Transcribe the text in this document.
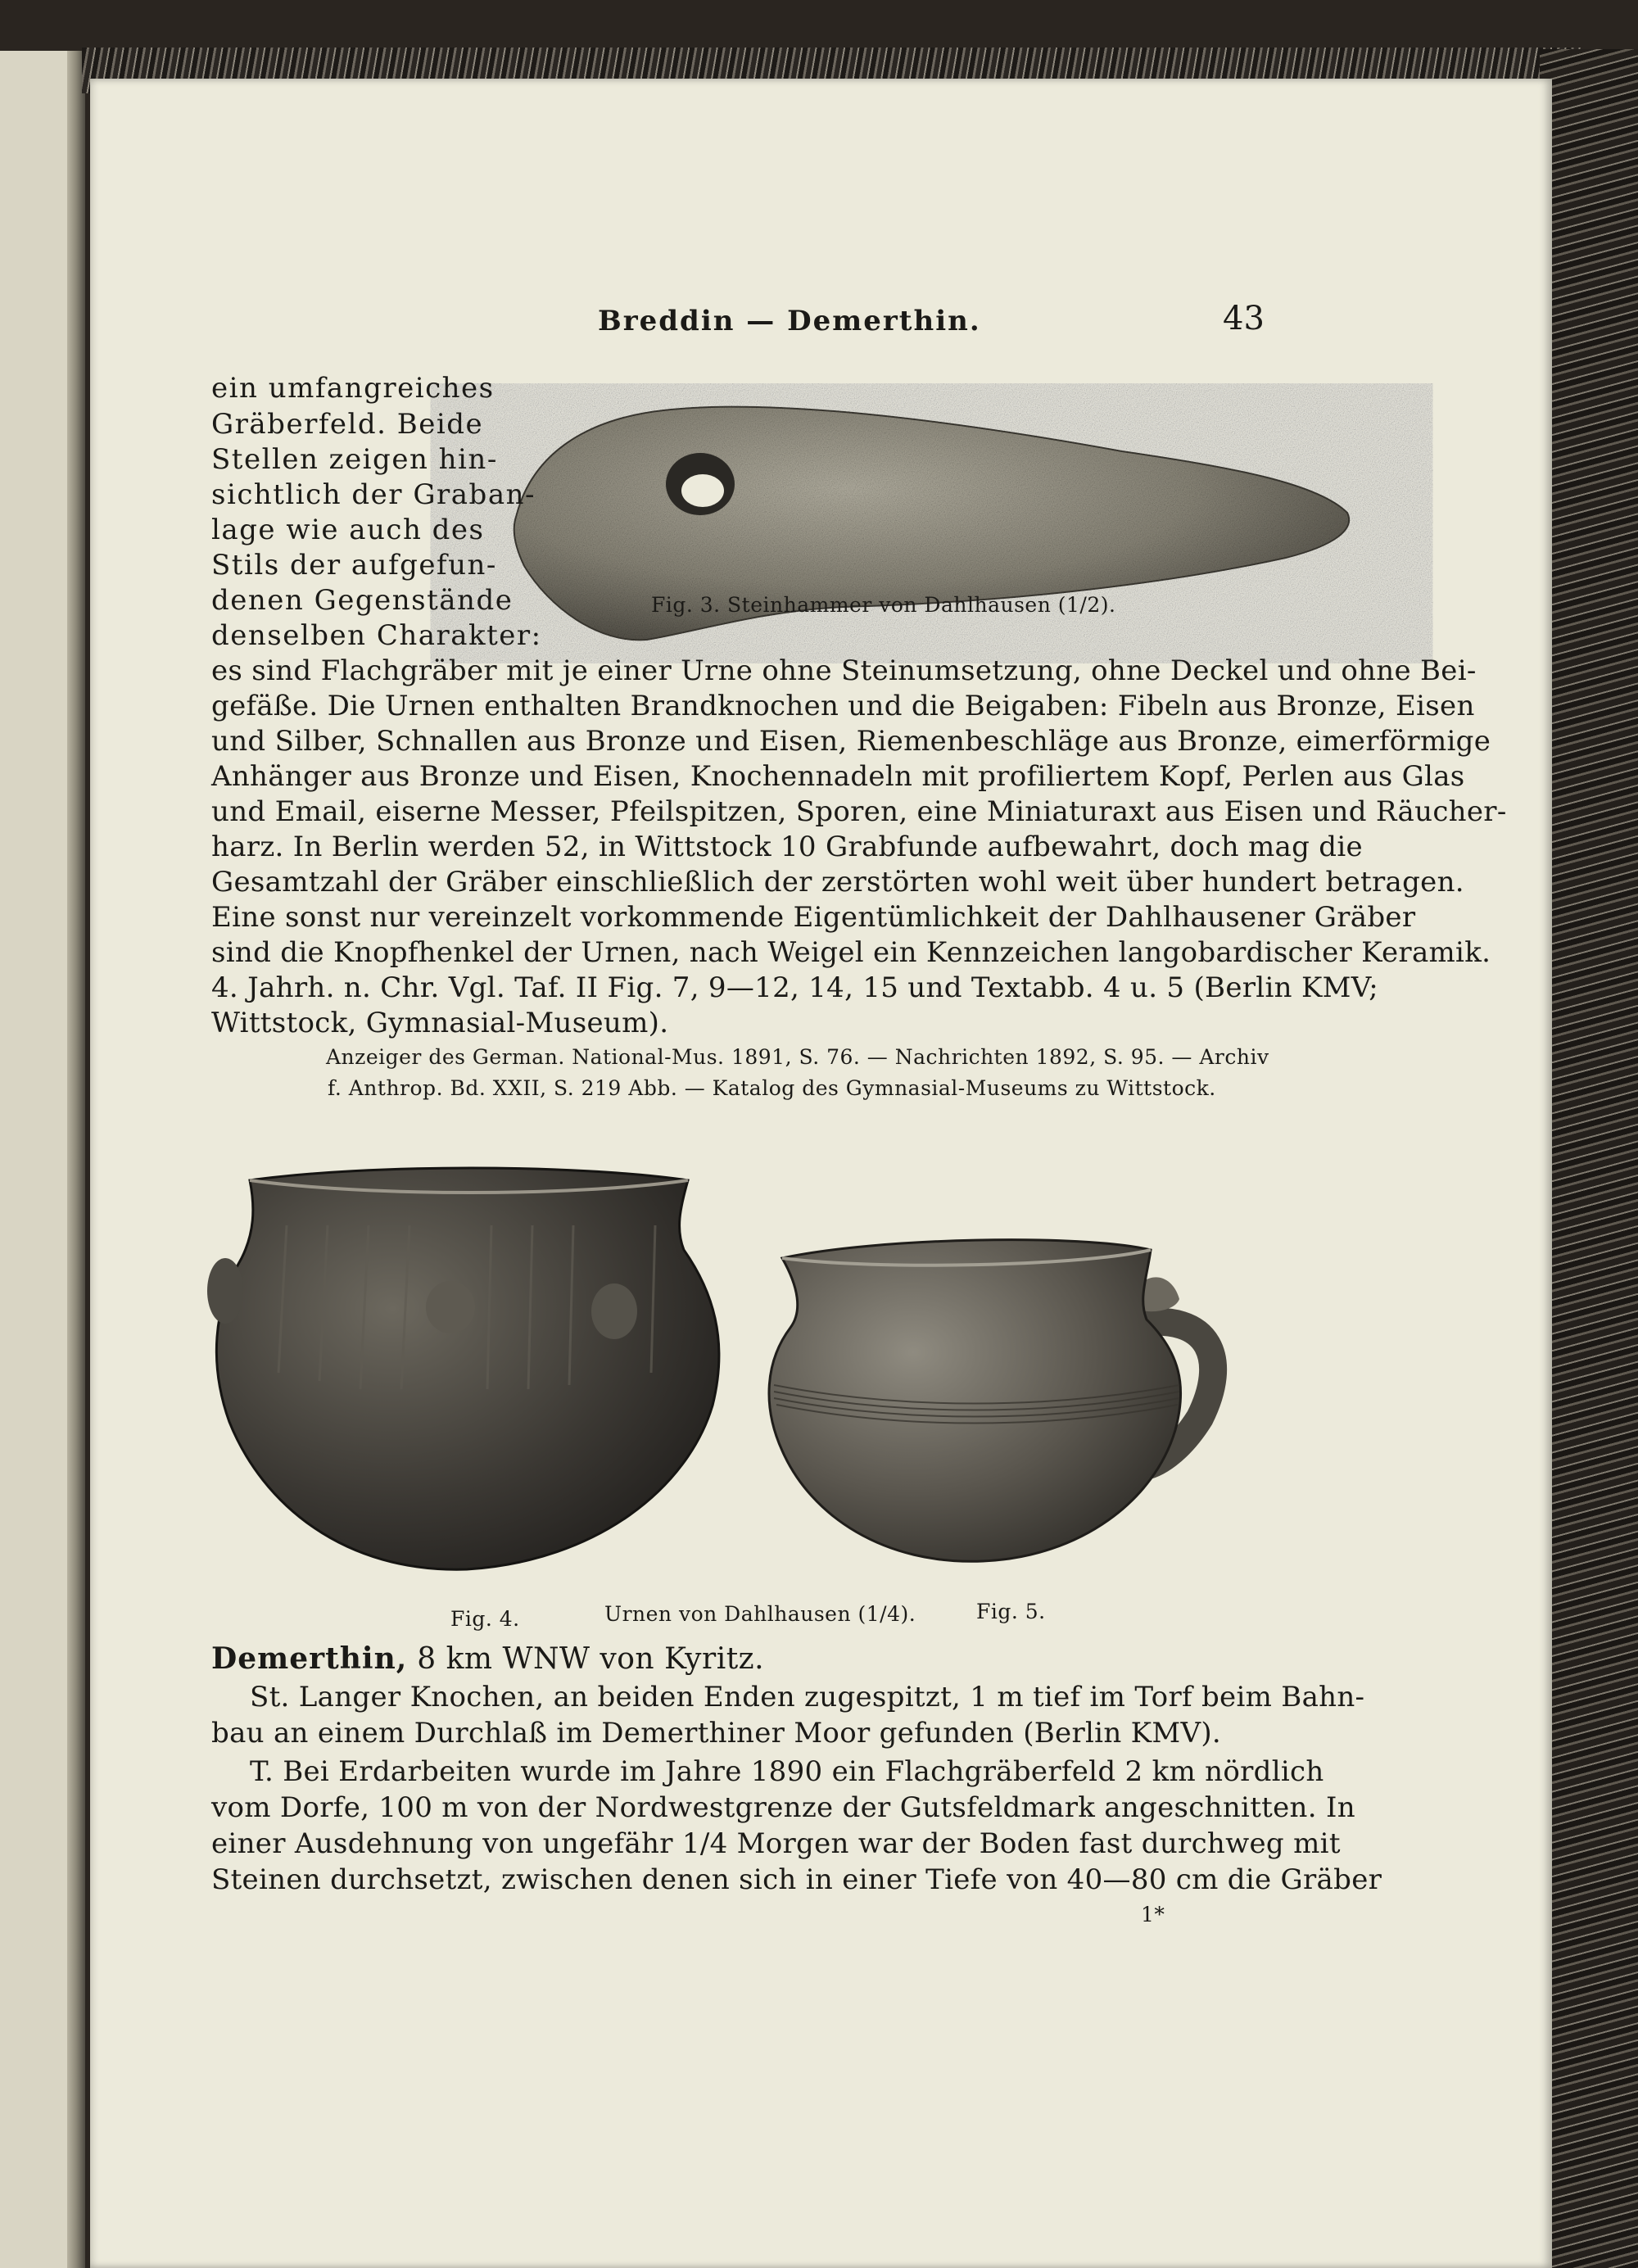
Breddin — Demerthin.	43

Fig. 3. Steinhammer von Dahlhausen (1/2).

ein umfangreiches

Gräberfeld. Beide

Stellen zeigen hin-

sichtlich der Graban-

lage wie auch des

Stils der aufgefun-

denen Gegenstände

denselben Charakter:

es sind Flachgräber mit je einer Urne ohne Steinumsetzung, ohne Deckel und ohne Bei-

gefäße. Die Urnen enthalten Brandknochen und die Beigaben: Fibeln aus Bronze, Eisen

und Silber, Schnallen aus Bronze und Eisen, Riemenbeschläge aus Bronze, eimerförmige

Anhänger aus Bronze und Eisen, Knochennadeln mit profiliertem Kopf, Perlen aus Glas

und Email, eiserne Messer, Pfeilspitzen, Sporen, eine Miniaturaxt aus Eisen und Räucher-

harz. In Berlin werden 52, in Wittstock 10 Grabfunde aufbewahrt, doch mag die

Gesamtzahl der Gräber einschließlich der zerstörten wohl weit über hundert betragen.

Eine sonst nur vereinzelt vorkommende Eigentümlichkeit der Dahlhausener Gräber

sind die Knopfhenkel der Urnen, nach Weigel ein Kennzeichen langobardischer Keramik.

4. Jahrh. n. Chr. Vgl. Taf. II Fig. 7, 9—12, 14, 15 und Textabb. 4 u. 5 (Berlin KMV;

Wittstock, Gymnasial-Museum).

Anzeiger des German. National-Mus. 1891, S. 76. — Nachrichten 1892, S. 95. — Archiv

f. Anthrop. Bd. XXII, S. 219 Abb. — Katalog des Gymnasial-Museums zu Wittstock.

Fig. 4.	Urnen von Dahlhausen (1/4).	Fig. 5.

Demerthin, 8 km WNW von Kyritz.

St. Langer Knochen, an beiden Enden zugespitzt, 1 m tief im Torf beim Bahn-

bau an einem Durchlaß im Demerthiner Moor gefunden (Berlin KMV).

T. Bei Erdarbeiten wurde im Jahre 1890 ein Flachgräberfeld 2 km nördlich

vom Dorfe, 100 m von der Nordwestgrenze der Gutsfeldmark angeschnitten. In

einer Ausdehnung von ungefähr 1/4 Morgen war der Boden fast durchweg mit

Steinen durchsetzt, zwischen denen sich in einer Tiefe von 40—80 cm die Gräber

1*
